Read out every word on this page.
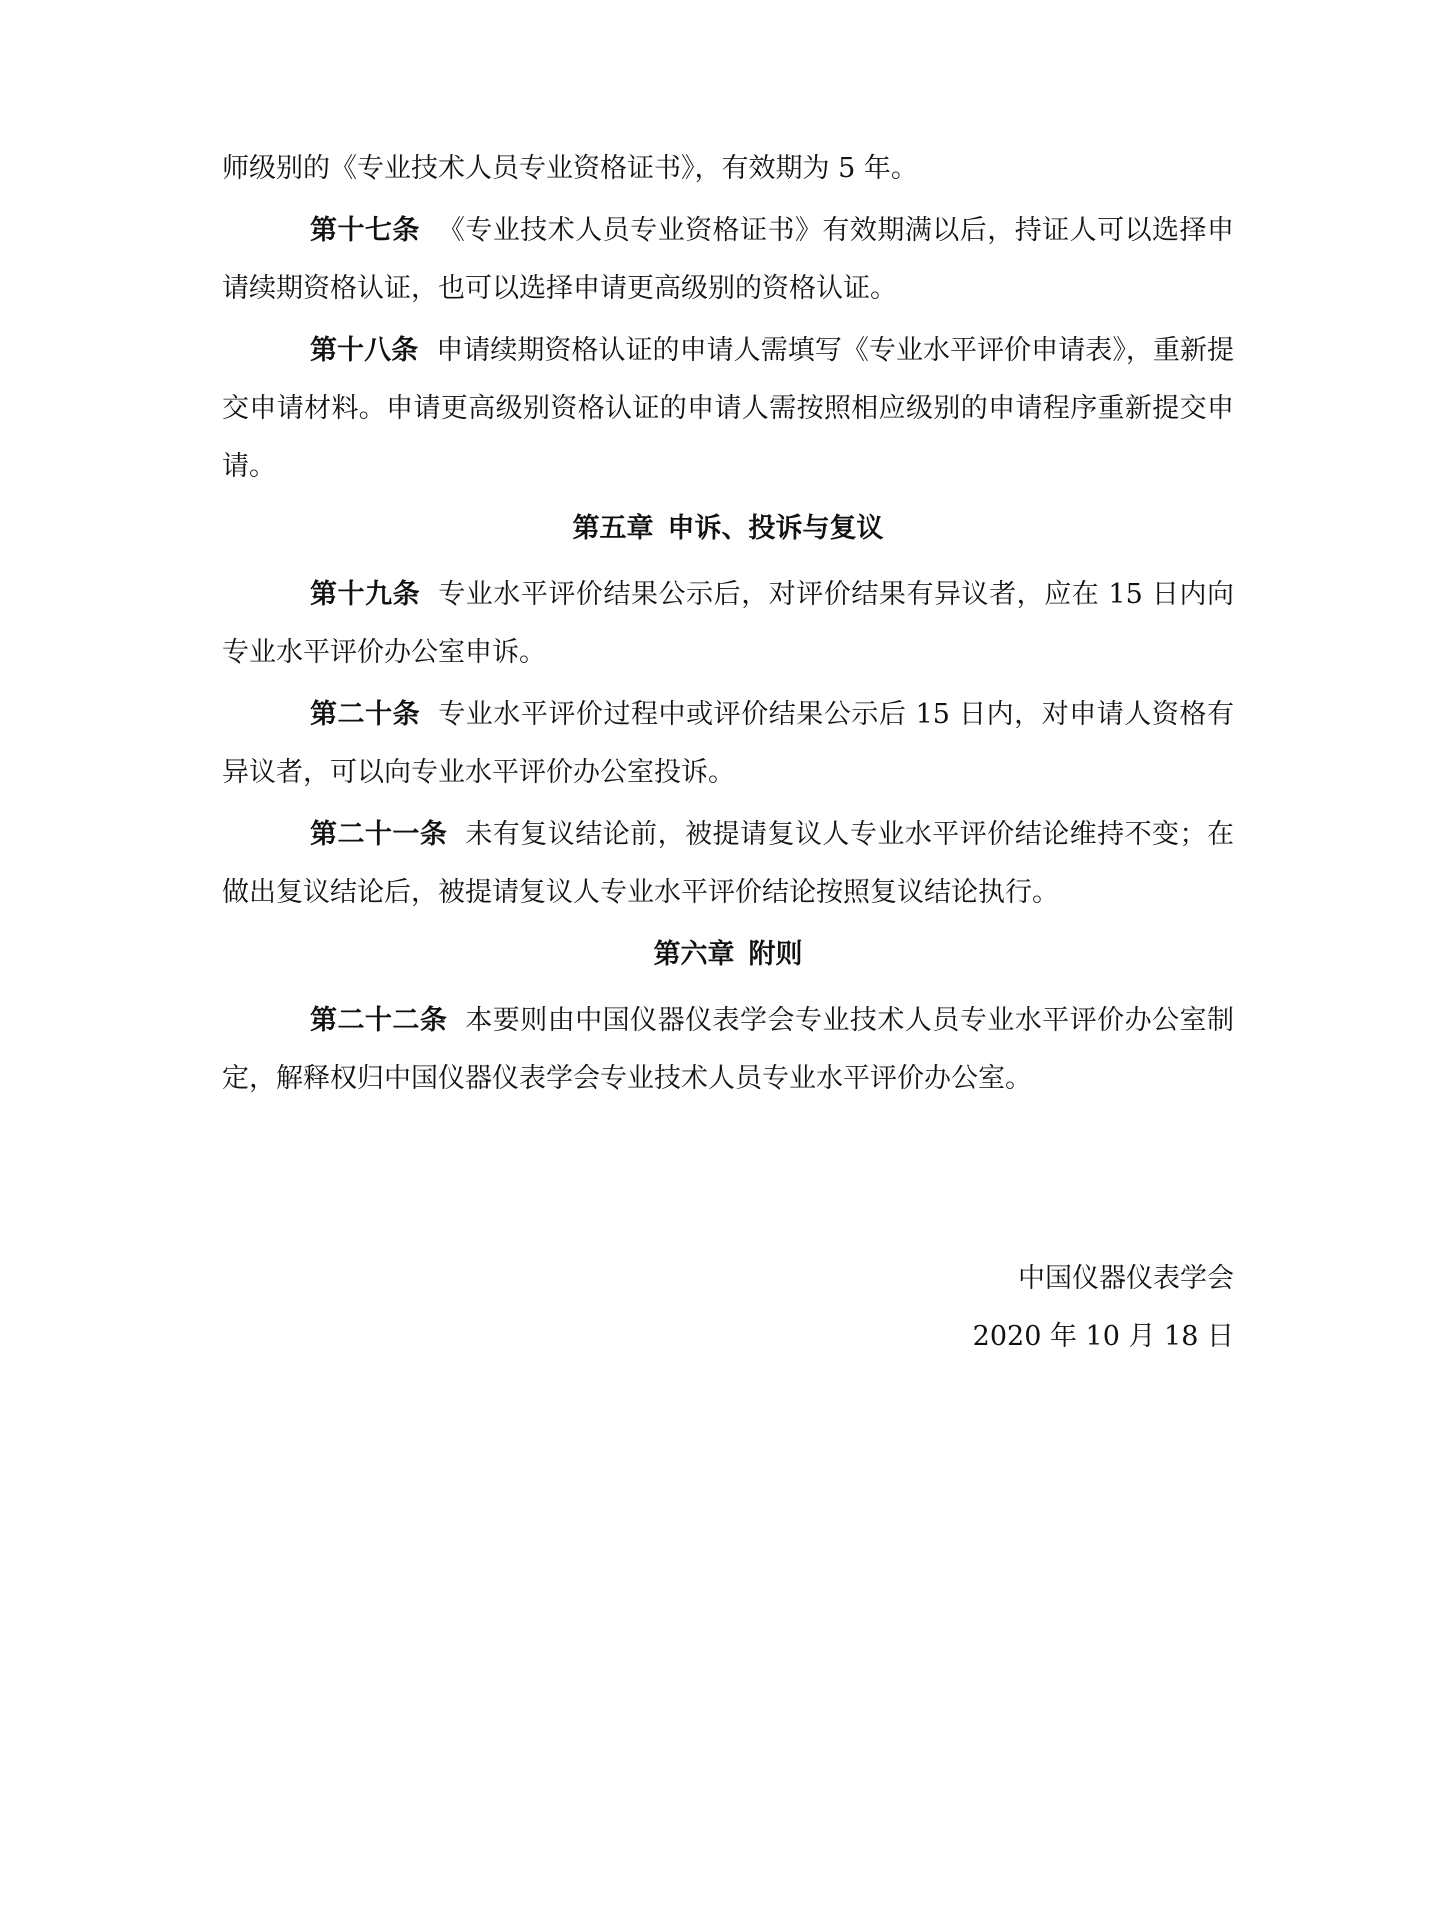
师级别的《专业技术人员专业资格证书》，有效期为 5 年。

第十七条 《专业技术人员专业资格证书》有效期满以后，持证人可以选择申请续期资格认证，也可以选择申请更高级别的资格认证。

第十八条 申请续期资格认证的申请人需填写《专业水平评价申请表》，重新提交申请材料。申请更高级别资格认证的申请人需按照相应级别的申请程序重新提交申请。

第五章 申诉、投诉与复议

第十九条 专业水平评价结果公示后，对评价结果有异议者，应在 15 日内向专业水平评价办公室申诉。

第二十条 专业水平评价过程中或评价结果公示后 15 日内，对申请人资格有异议者，可以向专业水平评价办公室投诉。

第二十一条 未有复议结论前，被提请复议人专业水平评价结论维持不变；在做出复议结论后，被提请复议人专业水平评价结论按照复议结论执行。

第六章 附则

第二十二条 本要则由中国仪器仪表学会专业技术人员专业水平评价办公室制定，解释权归中国仪器仪表学会专业技术人员专业水平评价办公室。

中国仪器仪表学会
2020 年 10 月 18 日
